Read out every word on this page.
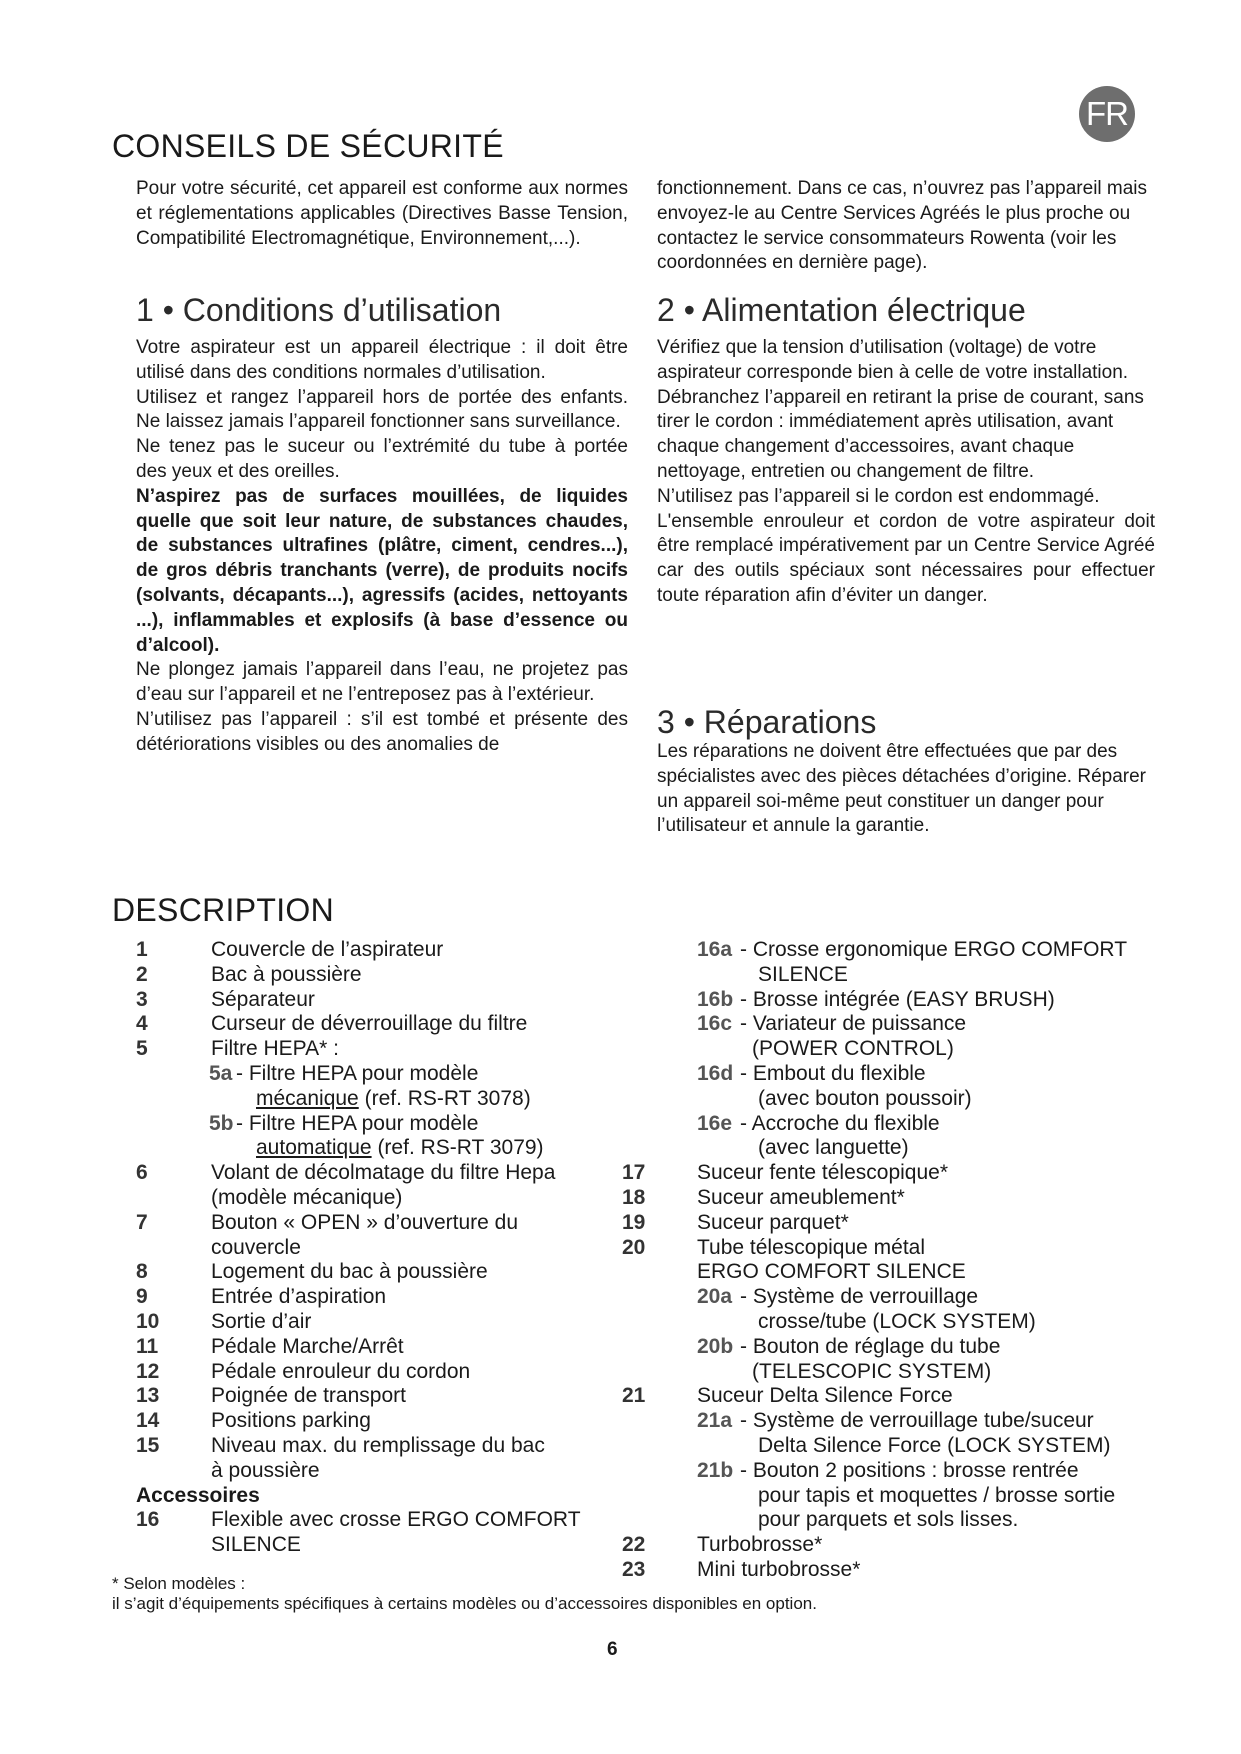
FR
CONSEILS DE SÉCURITÉ

Pour votre sécurité, cet appareil est conforme aux normes et réglementations applicables (Directives Basse Tension, Compatibilité Electromagnétique, Environnement,...).

1 • Conditions d’utilisation

Votre aspirateur est un appareil électrique : il doit être utilisé dans des conditions normales d’utilisation.

Utilisez et rangez l’appareil hors de portée des enfants. Ne laissez jamais l’appareil fonctionner sans surveillance.

Ne tenez pas le suceur ou l’extrémité du tube à portée des yeux et des oreilles.

N’aspirez pas de surfaces mouillées, de liquides quelle que soit leur nature, de substances chaudes, de substances ultrafines (plâtre, ciment, cendres...), de gros débris tranchants (verre), de produits nocifs (solvants, décapants...), agressifs (acides, nettoyants ...), inflammables et explosifs (à base d’essence ou d’alcool).

Ne plongez jamais l’appareil dans l’eau, ne projetez pas d’eau sur l’appareil et ne l’entreposez pas à l’extérieur.

N’utilisez pas l’appareil : s’il est tombé et présente des détériorations visibles ou des anomalies de

fonctionnement. Dans ce cas, n’ouvrez pas l’appareil mais envoyez-le au Centre Services Agréés le plus proche ou contactez le service consommateurs Rowenta (voir les coordonnées en dernière page).

2 • Alimentation électrique

Vérifiez que la tension d’utilisation (voltage) de votre aspirateur corresponde bien à celle de votre installation.

Débranchez l’appareil en retirant la prise de courant, sans tirer le cordon : immédiatement après utilisation, avant chaque changement d’accessoires, avant chaque nettoyage, entretien ou changement de filtre.

N’utilisez pas l’appareil si le cordon est endommagé.

L'ensemble enrouleur et cordon de votre aspirateur doit être remplacé impérativement par un Centre Service Agréé car des outils spéciaux sont nécessaires pour effectuer toute réparation afin d’éviter un danger.

3 • Réparations

Les réparations ne doivent être effectuées que par des spécialistes avec des pièces détachées d’origine. Réparer un appareil soi-même peut constituer un danger pour l’utilisateur et annule la garantie.

DESCRIPTION
1	Couvercle de l’aspirateur
2	Bac à poussière
3	Séparateur
4	Curseur de déverrouillage du filtre
5	Filtre HEPA* :
5a - Filtre HEPA pour modèle
mécanique (ref. RS-RT 3078)
5b - Filtre HEPA pour modèle
automatique (ref. RS-RT 3079)
6	Volant de décolmatage du filtre Hepa
(modèle mécanique)
7	Bouton « OPEN » d’ouverture du
couvercle
8	Logement du bac à poussière
9	Entrée d’aspiration
10 Sortie d’air
11	Pédale Marche/Arrêt
12 Pédale enrouleur du cordon
13 Poignée de transport
14 Positions parking
15 Niveau max. du remplissage du bac
à poussière
Accessoires
16 Flexible avec crosse ERGO COMFORT
SILENCE
16a - Crosse ergonomique ERGO COMFORT
SILENCE
16b - Brosse intégrée (EASY BRUSH)
16c - Variateur de puissance
(POWER CONTROL)
16d - Embout du flexible
(avec bouton poussoir)
16e - Accroche du flexible
(avec languette)
17 Suceur fente télescopique*
18 Suceur ameublement*
19 Suceur parquet*
20 Tube télescopique métal
ERGO COMFORT SILENCE
20a - Système de verrouillage
crosse/tube (LOCK SYSTEM)
20b - Bouton de réglage du tube
(TELESCOPIC SYSTEM)
21 Suceur Delta Silence Force
21a - Système de verrouillage tube/suceur
Delta Silence Force (LOCK SYSTEM)
21b - Bouton 2 positions : brosse rentrée
pour tapis et moquettes / brosse sortie
pour parquets et sols lisses.
22 Turbobrosse*
23 Mini turbobrosse*
* Selon modèles :
il s’agit d’équipements spécifiques à certains modèles ou d’accessoires disponibles en option.
6
